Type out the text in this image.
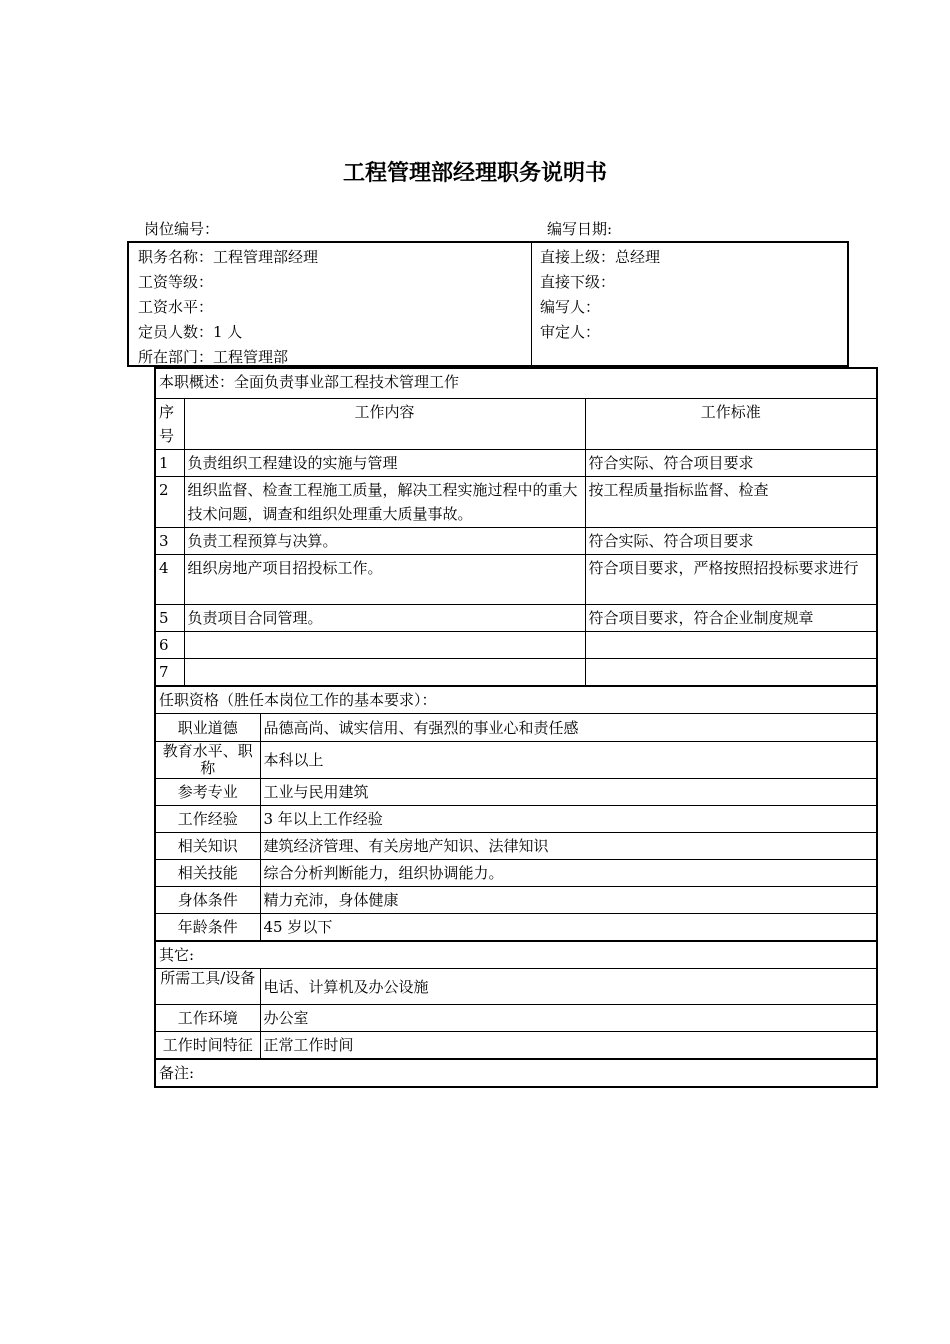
工程管理部经理职务说明书
岗位编号：	编写日期:
职务名称：工程管理部经理
工资等级：
工资水平：
定员人数：1 人
所在部门：工程管理部
直接上级：总经理
直接下级：
编写人：
审定人：
本职概述：全面负责事业部工程技术管理工作			
序号	工作内容		工作标准
1	负责组织工程建设的实施与管理		符合实际、符合项目要求
2	组织监督、检查工程施工质量，解决工程实施过程中的重大技术问题，调查和组织处理重大质量事故。		按工程质量指标监督、检查
3	负责工程预算与决算。		符合实际、符合项目要求
4	组织房地产项目招投标工作。		符合项目要求，严格按照招投标要求进行
5	负责项目合同管理。		符合项目要求，符合企业制度规章
6			
7			
任职资格（胜任本岗位工作的基本要求）：			
职业道德		品德高尚、诚实信用、有强烈的事业心和责任感	
教育水平、职称		本科以上	
参考专业		工业与民用建筑	
工作经验		3 年以上工作经验	
相关知识		建筑经济管理、有关房地产知识、法律知识	
相关技能		综合分析判断能力，组织协调能力。	
身体条件		精力充沛，身体健康	
年龄条件		45 岁以下	
其它:			
所需工具/设备		电话、计算机及办公设施	
工作环境		办公室	
工作时间特征		正常工作时间	
备注:			
